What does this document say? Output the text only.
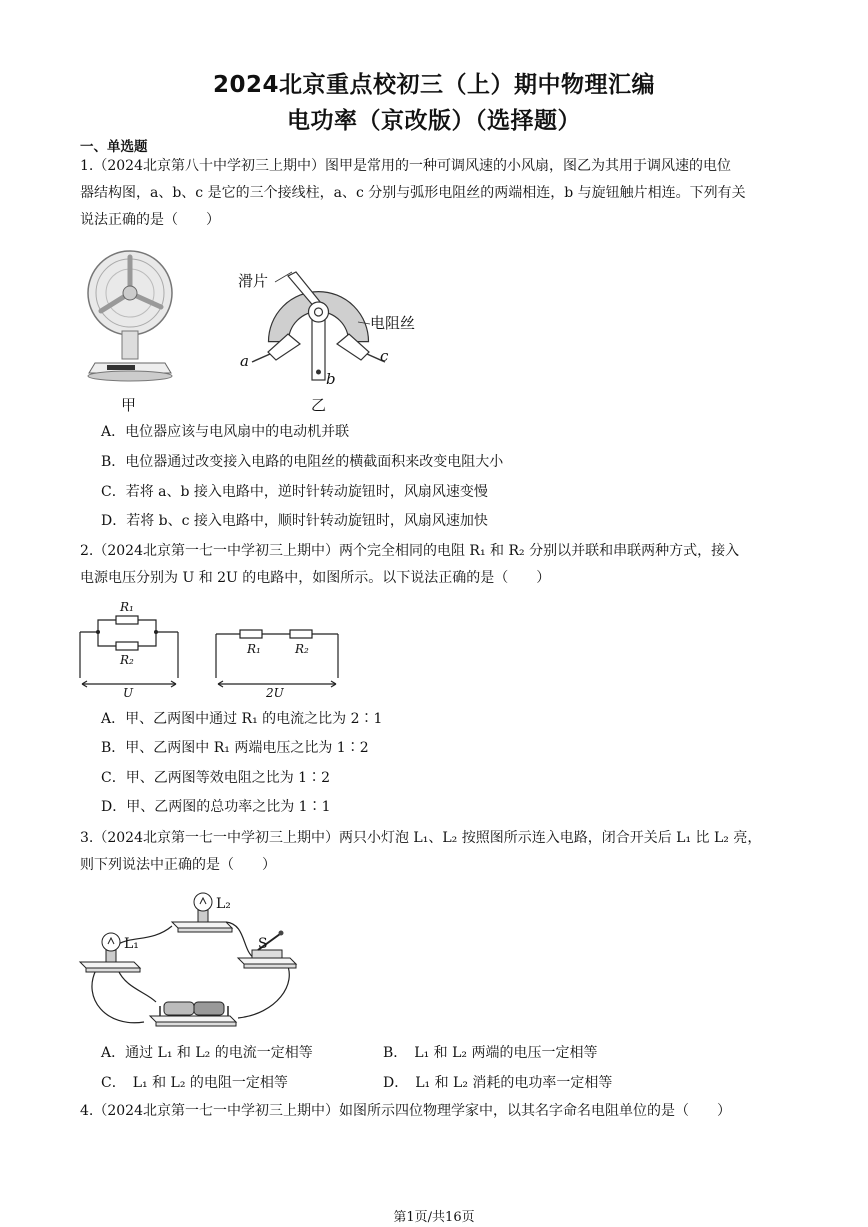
2024北京重点校初三（上）期中物理汇编
电功率（京改版）（选择题）
一、单选题
1.（2024北京第八十中学初三上期中）图甲是常用的一种可调风速的小风扇，图乙为其用于调风速的电位
器结构图，a、b、c 是它的三个接线柱，a、c 分别与弧形电阻丝的两端相连，b 与旋钮触片相连。下列有关
说法正确的是（　　）
甲
滑片
电阻丝
a
b
c
乙
A．电位器应该与电风扇中的电动机并联
B．电位器通过改变接入电路的电阻丝的横截面积来改变电阻大小
C．若将 a、b 接入电路中，逆时针转动旋钮时，风扇风速变慢
D．若将 b、c 接入电路中，顺时针转动旋钮时，风扇风速加快
2.（2024北京第一七一中学初三上期中）两个完全相同的电阻 R₁ 和 R₂ 分别以并联和串联两种方式，接入
电源电压分别为 U 和 2U 的电路中，如图所示。以下说法正确的是（　　）
R₁
R₂
U
R₁	R₂
2U
A．甲、乙两图中通过 R₁ 的电流之比为 2∶1
B．甲、乙两图中 R₁ 两端电压之比为 1∶2
C．甲、乙两图等效电阻之比为 1∶2
D．甲、乙两图的总功率之比为 1∶1
3.（2024北京第一七一中学初三上期中）两只小灯泡 L₁、L₂ 按照图所示连入电路，闭合开关后 L₁ 比 L₂ 亮，
则下列说法中正确的是（　　）
L₂
S
L₁
A．通过 L₁ 和 L₂ 的电流一定相等	B．　L₁ 和 L₂ 两端的电压一定相等
C．　L₁ 和 L₂ 的电阻一定相等	D．　L₁ 和 L₂ 消耗的电功率一定相等
4.（2024北京第一七一中学初三上期中）如图所示四位物理学家中，以其名字命名电阻单位的是（　　）
第1页/共16页
